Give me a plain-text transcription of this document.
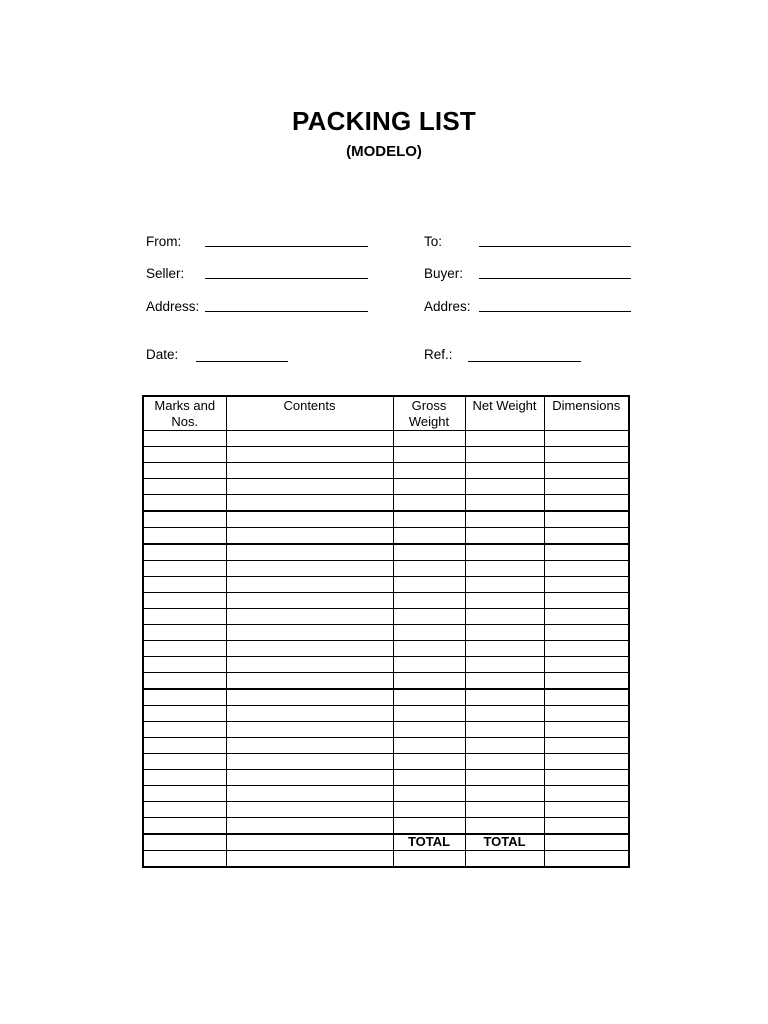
PACKING LIST
(MODELO)
From:
Seller:
Address:
Date:
To:
Buyer:
Addres:
Ref.:
Marks and Nos.	Contents	Gross Weight	Net Weight	Dimensions

		TOTAL	TOTAL	
